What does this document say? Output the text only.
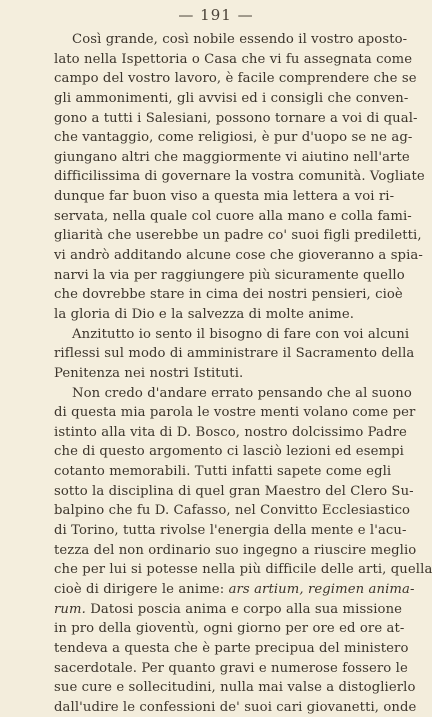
— 191 —
Così grande, così nobile essendo il vostro aposto-
lato nella Ispettoria o Casa che vi fu assegnata come
campo del vostro lavoro, è facile comprendere che se
gli ammonimenti, gli avvisi ed i consigli che conven-
gono a tutti i Salesiani, possono tornare a voi di qual-
che vantaggio, come religiosi, è pur d'uopo se ne ag-
giungano altri che maggiormente vi aiutino nell'arte
difficilissima di governare la vostra comunità. Vogliate
dunque far buon viso a questa mia lettera a voi ri-
servata, nella quale col cuore alla mano e colla fami-
gliarità che userebbe un padre co' suoi figli prediletti,
vi andrò additando alcune cose che gioveranno a spia-
narvi la via per raggiungere più sicuramente quello
che dovrebbe stare in cima dei nostri pensieri, cioè
la gloria di Dio e la salvezza di molte anime.
Anzitutto io sento il bisogno di fare con voi alcuni
riflessi sul modo di amministrare il Sacramento della
Penitenza nei nostri Istituti.
Non credo d'andare errato pensando che al suono
di questa mia parola le vostre menti volano come per
istinto alla vita di D. Bosco, nostro dolcissimo Padre
che di questo argomento ci lasciò lezioni ed esempi
cotanto memorabili. Tutti infatti sapete come egli
sotto la disciplina di quel gran Maestro del Clero Su-
balpino che fu D. Cafasso, nel Convitto Ecclesiastico
di Torino, tutta rivolse l'energia della mente e l'acu-
tezza del non ordinario suo ingegno a riuscire meglio
che per lui si potesse nella più difficile delle arti, quella
cioè di dirigere le anime: ars artium, regimen anima-
rum. Datosi poscia anima e corpo alla sua missione
in pro della gioventù, ogni giorno per ore ed ore at-
tendeva a questa che è parte precipua del ministero
sacerdotale. Per quanto gravi e numerose fossero le
sue cure e sollecitudini, nulla mai valse a distoglierlo
dall'udire le confessioni de' suoi cari giovanetti, onde
